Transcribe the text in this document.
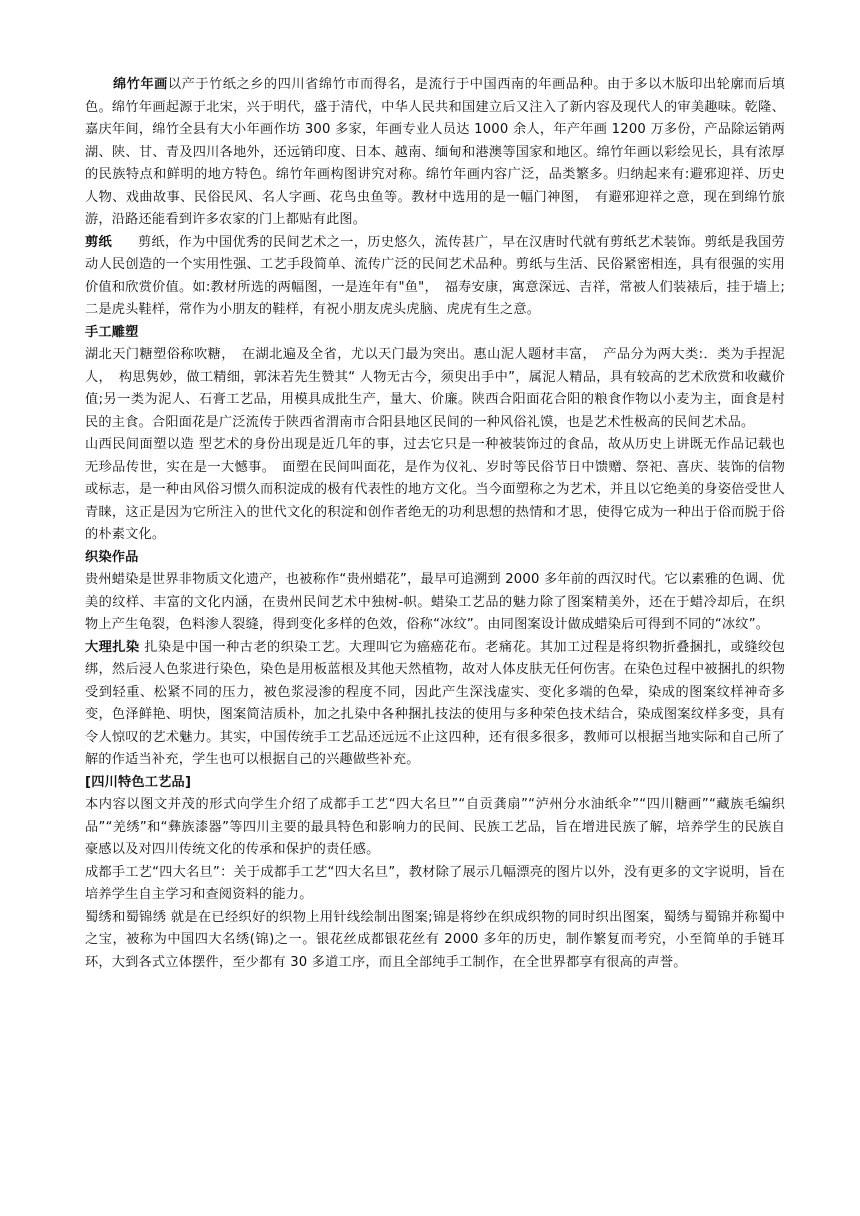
绵竹年画以产于竹纸之乡的四川省绵竹市而得名，是流行于中国西南的年画品种。由于多以木版印出轮廓而后填色。绵竹年画起源于北宋，兴于明代，盛于清代，中华人民共和国建立后又注入了新内容及现代人的审美趣味。乾隆、嘉庆年间，绵竹全县有大小年画作坊 300 多家，年画专业人员达 1000 余人，年产年画 1200 万多份，产品除运销两湖、陕、甘、青及四川各地外，还远销印度、日本、越南、缅甸和港澳等国家和地区。绵竹年画以彩绘见长，具有浓厚的民族特点和鲜明的地方特色。绵竹年画构图讲究对称。绵竹年画内容广泛，品类繁多。归纳起来有:避邪迎祥、历史人物、戏曲故事、民俗民风、名人字画、花鸟虫鱼等。教材中选用的是一幅门神图，　有避邪迎祥之意，现在到绵竹旅游，沿路还能看到许多农家的门上都贴有此图。

剪纸 剪纸，作为中国优秀的民间艺术之一，历史悠久，流传甚广，早在汉唐时代就有剪纸艺术装饰。剪纸是我国劳动人民创造的一个实用性强、工艺手段简单、流传广泛的民间艺术品种。剪纸与生活、民俗紧密相连，具有很强的实用价值和欣赏价值。如:教材所选的两幅图，一是连年有"鱼"，　福寿安康，寓意深远、吉祥，常被人们装裱后，挂于墙上;二是虎头鞋样，常作为小朋友的鞋样，有祝小朋友虎头虎脑、虎虎有生之意。

手工雕塑

湖北天门糖塑俗称吹糖，　在湖北遍及全省，尤以天门最为突出。惠山泥人题材丰富，　产品分为两大类:．类为手捏泥人，　构思隽妙，做工精细，郭沫若先生赞其“ 人物无古今，须臾出手中”，属泥人精品，具有较高的艺术欣赏和收藏价值;另一类为泥人、石膏工艺品，用模具成批生产，量大、价廉。陕西合阳面花合阳的粮食作物以小麦为主，面食是村民的主食。合阳面花是广泛流传于陕西省渭南市合阳县地区民间的一种风俗礼馍，也是艺术性极高的民间艺术品。

山西民间面塑以造 型艺术的身份出现是近几年的事，过去它只是一种被装饰过的食品，故从历史上讲既无作品记载也无珍品传世，实在是一大憾事。　面塑在民间叫面花，是作为仪礼、岁时等民俗节日中馈赠、祭祀、喜庆、装饰的信物或标志，是一种由风俗习惯久而积淀成的极有代表性的地方文化。当今面塑称之为艺术，并且以它绝美的身姿倍受世人青睐，这正是因为它所注入的世代文化的积淀和创作者绝无的功利思想的热情和才思，使得它成为一种出于俗而脱于俗的朴素文化。

织染作品

贵州蜡染是世界非物质文化遗产，也被称作“贵州蜡花”，最早可追溯到 2000 多年前的西汉时代。它以素雅的色调、优美的纹样、丰富的文化内涵，在贵州民间艺术中独树-帜。蜡染工艺品的魅力除了图案精美外，还在于蜡冷却后，在织物上产生龟裂，色料渗人裂缝，得到变化多样的色效，俗称“冰纹”。由同图案设计做成蜡染后可得到不同的“冰纹”。

大理扎染 扎染是中国一种古老的织染工艺。大理叫它为癌癌花布。老痛花。其加工过程是将织物折叠捆扎，或缝绞包绑，然后浸人色浆进行染色，染色是用板蓝根及其他天然植物，故对人体皮肤无任何伤害。在染色过程中被捆扎的织物受到轻重、松紧不同的压力，被色浆浸渗的程度不同，因此产生深浅虚实、变化多端的色晕，染成的图案纹样神奇多变，色泽鲜艳、明快，图案简洁质朴，加之扎染中各种捆扎技法的使用与多种荣色技术结合，染成图案纹样多变，具有令人惊叹的艺术魅力。其实，中国传统手工艺品还远远不止这四种，还有很多很多，教师可以根据当地实际和自己所了解的作适当补充，学生也可以根据自己的兴趣做些补充。

[四川特色工艺品]

本内容以图文并茂的形式向学生介绍了成都手工艺“四大名旦”“自贡龚扇”“泸州分水油纸伞”“四川糖画”“藏族毛编织品”“羌绣”和“彝族漆器”等四川主要的最具特色和影响力的民间、民族工艺品，旨在增进民族了解，培养学生的民族自豪感以及对四川传统文化的传承和保护的责任感。

成都手工艺“四大名旦”：关于成都手工艺“四大名旦”，教材除了展示几幅漂亮的图片以外，没有更多的文字说明，旨在培养学生自主学习和查阅资料的能力。

蜀绣和蜀锦绣 就是在已经织好的织物上用针线绘制出图案;锦是将纱在织成织物的同时织出图案，蜀绣与蜀锦并称蜀中之宝，被称为中国四大名绣(锦)之一。银花丝成都银花丝有 2000 多年的历史，制作繁复而考究，小至简单的手链耳环，大到各式立体摆件，至少都有 30 多道工序，而且全部纯手工制作，在全世界都享有很高的声誉。
